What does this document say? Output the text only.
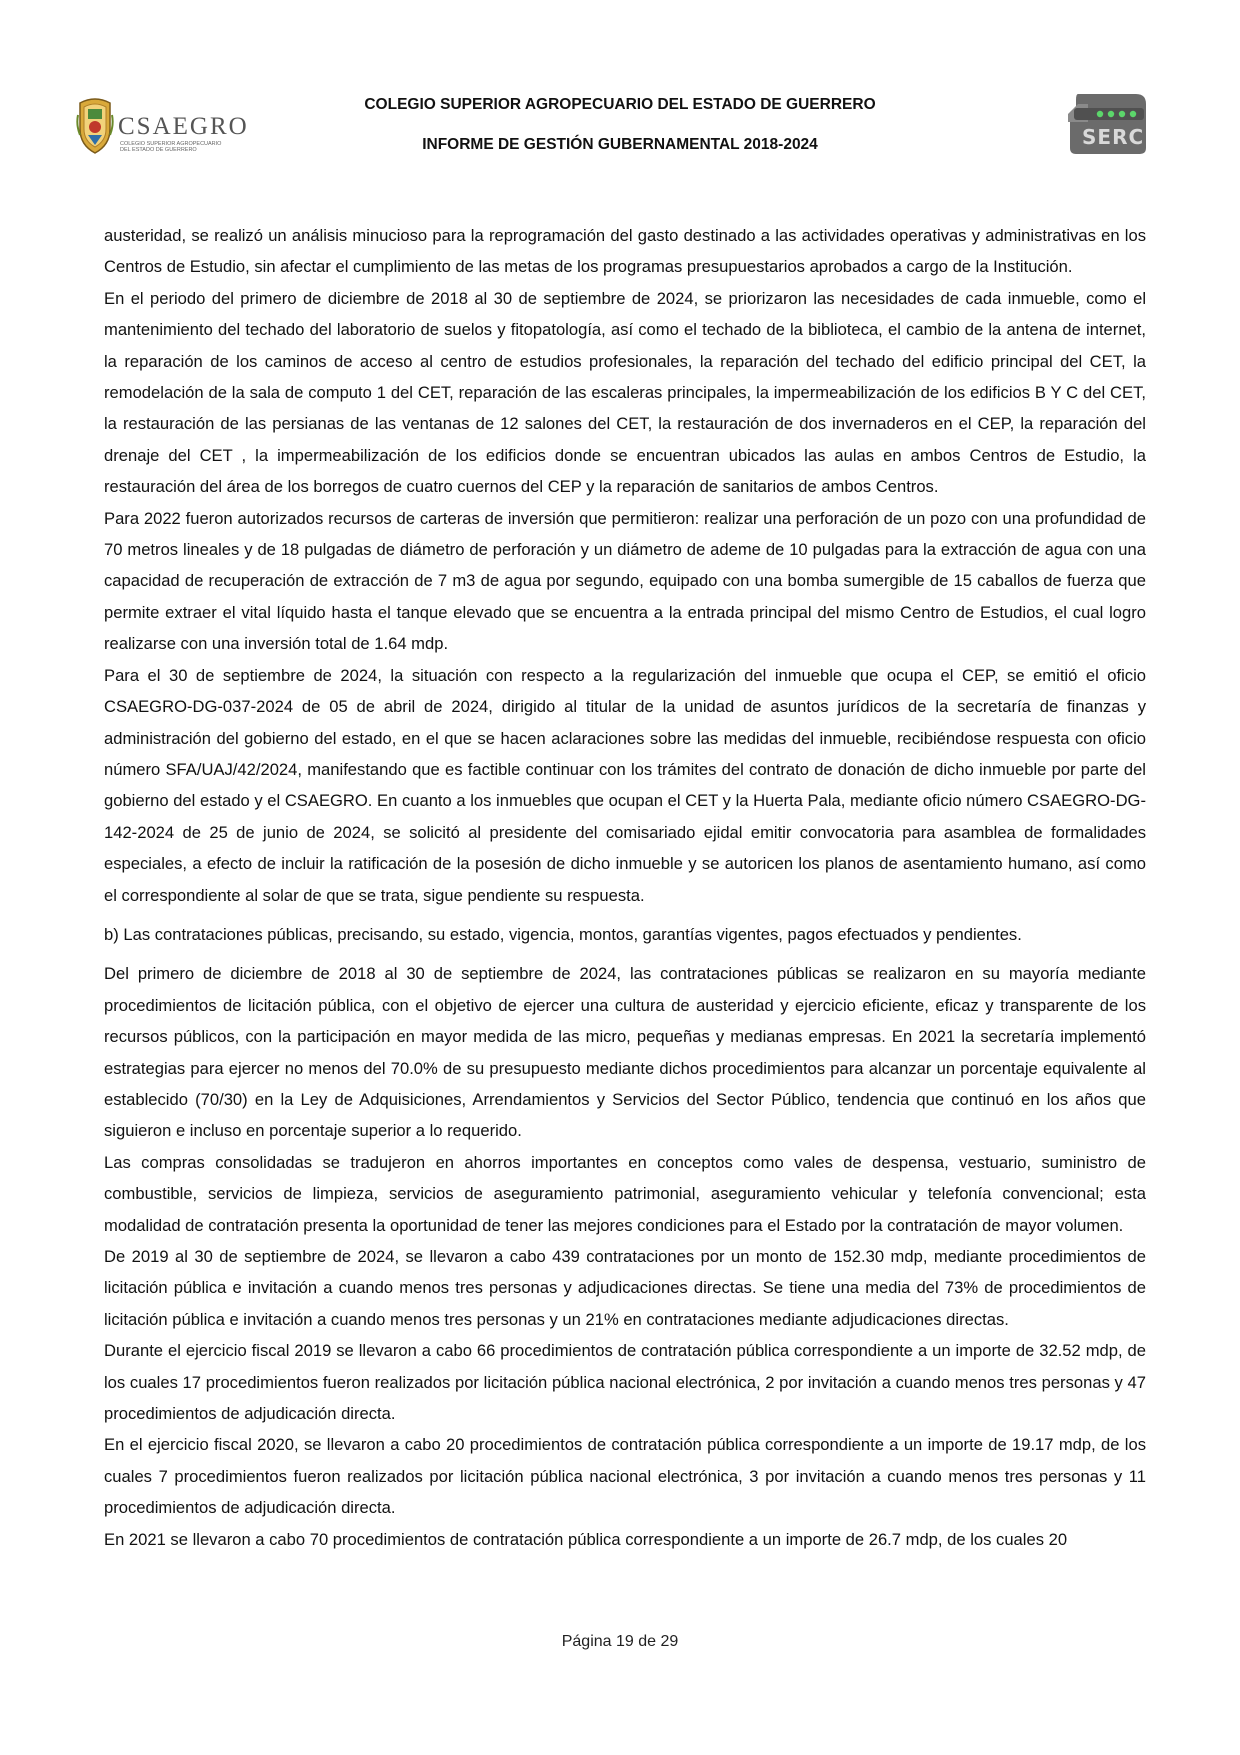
CSAEGRO
COLEGIO SUPERIOR AGROPECUARIO
DEL ESTADO DE GUERRERO
COLEGIO SUPERIOR AGROPECUARIO DEL ESTADO DE GUERRERO
INFORME DE GESTIÓN GUBERNAMENTAL 2018-2024	SERC

austeridad, se realizó un análisis minucioso para la reprogramación del gasto destinado a las actividades operativas y administrativas en los Centros de Estudio, sin afectar el cumplimiento de las metas de los programas presupuestarios aprobados a cargo de la Institución.

En el periodo del primero de diciembre de 2018 al 30 de septiembre de 2024, se priorizaron las necesidades de cada inmueble, como el mantenimiento del techado del laboratorio de suelos y fitopatología, así como el techado de la biblioteca, el cambio de la antena de internet, la reparación de los caminos de acceso al centro de estudios profesionales, la reparación del techado del edificio principal del CET, la remodelación de la sala de computo 1 del CET, reparación de las escaleras principales, la impermeabilización de los edificios B Y C del CET, la restauración de las persianas de las ventanas de 12 salones del CET, la restauración de dos invernaderos en el CEP, la reparación del drenaje del CET , la impermeabilización de los edificios donde se encuentran ubicados las aulas en ambos Centros de Estudio, la restauración del área de los borregos de cuatro cuernos del CEP y la reparación de sanitarios de ambos Centros.

Para 2022 fueron autorizados recursos de carteras de inversión que permitieron: realizar una perforación de un pozo con una profundidad de 70 metros lineales y de 18 pulgadas de diámetro de perforación y un diámetro de ademe de 10 pulgadas para la extracción de agua con una capacidad de recuperación de extracción de 7 m3 de agua por segundo, equipado con una bomba sumergible de 15 caballos de fuerza que permite extraer el vital líquido hasta el tanque elevado que se encuentra a la entrada principal del mismo Centro de Estudios, el cual logro realizarse con una inversión total de 1.64 mdp.

Para el 30 de septiembre de 2024, la situación con respecto a la regularización del inmueble que ocupa el CEP, se emitió el oficio CSAEGRO-DG-037-2024 de 05 de abril de 2024, dirigido al titular de la unidad de asuntos jurídicos de la secretaría de finanzas y administración del gobierno del estado, en el que se hacen aclaraciones sobre las medidas del inmueble, recibiéndose respuesta con oficio número SFA/UAJ/42/2024, manifestando que es factible continuar con los trámites del contrato de donación de dicho inmueble por parte del gobierno del estado y el CSAEGRO. En cuanto a los inmuebles que ocupan el CET y la Huerta Pala, mediante oficio número CSAEGRO-DG-142-2024 de 25 de junio de 2024, se solicitó al presidente del comisariado ejidal emitir convocatoria para asamblea de formalidades especiales, a efecto de incluir la ratificación de la posesión de dicho inmueble y se autoricen los planos de asentamiento humano, así como el correspondiente al solar de que se trata, sigue pendiente su respuesta.

b) Las contrataciones públicas, precisando, su estado, vigencia, montos, garantías vigentes, pagos efectuados y pendientes.

Del primero de diciembre de 2018 al 30 de septiembre de 2024, las contrataciones públicas se realizaron en su mayoría mediante procedimientos de licitación pública, con el objetivo de ejercer una cultura de austeridad y ejercicio eficiente, eficaz y transparente de los recursos públicos, con la participación en mayor medida de las micro, pequeñas y medianas empresas. En 2021 la secretaría implementó estrategias para ejercer no menos del 70.0% de su presupuesto mediante dichos procedimientos para alcanzar un porcentaje equivalente al establecido (70/30) en la Ley de Adquisiciones, Arrendamientos y Servicios del Sector Público, tendencia que continuó en los años que siguieron e incluso en porcentaje superior a lo requerido.

Las compras consolidadas se tradujeron en ahorros importantes en conceptos como vales de despensa, vestuario, suministro de combustible, servicios de limpieza, servicios de aseguramiento patrimonial, aseguramiento vehicular y telefonía convencional; esta modalidad de contratación presenta la oportunidad de tener las mejores condiciones para el Estado por la contratación de mayor volumen.

De 2019 al 30 de septiembre de 2024, se llevaron a cabo 439 contrataciones por un monto de 152.30 mdp, mediante procedimientos de licitación pública e invitación a cuando menos tres personas y adjudicaciones directas. Se tiene una media del 73% de procedimientos de licitación pública e invitación a cuando menos tres personas y un 21% en contrataciones mediante adjudicaciones directas.

Durante el ejercicio fiscal 2019 se llevaron a cabo 66 procedimientos de contratación pública correspondiente a un importe de 32.52 mdp, de los cuales 17 procedimientos fueron realizados por licitación pública nacional electrónica, 2 por invitación a cuando menos tres personas y 47 procedimientos de adjudicación directa.

En el ejercicio fiscal 2020, se llevaron a cabo 20 procedimientos de contratación pública correspondiente a un importe de 19.17 mdp, de los cuales 7 procedimientos fueron realizados por licitación pública nacional electrónica, 3 por invitación a cuando menos tres personas y 11 procedimientos de adjudicación directa.

En 2021 se llevaron a cabo 70 procedimientos de contratación pública correspondiente a un importe de 26.7 mdp, de los cuales 20

Página 19 de 29
